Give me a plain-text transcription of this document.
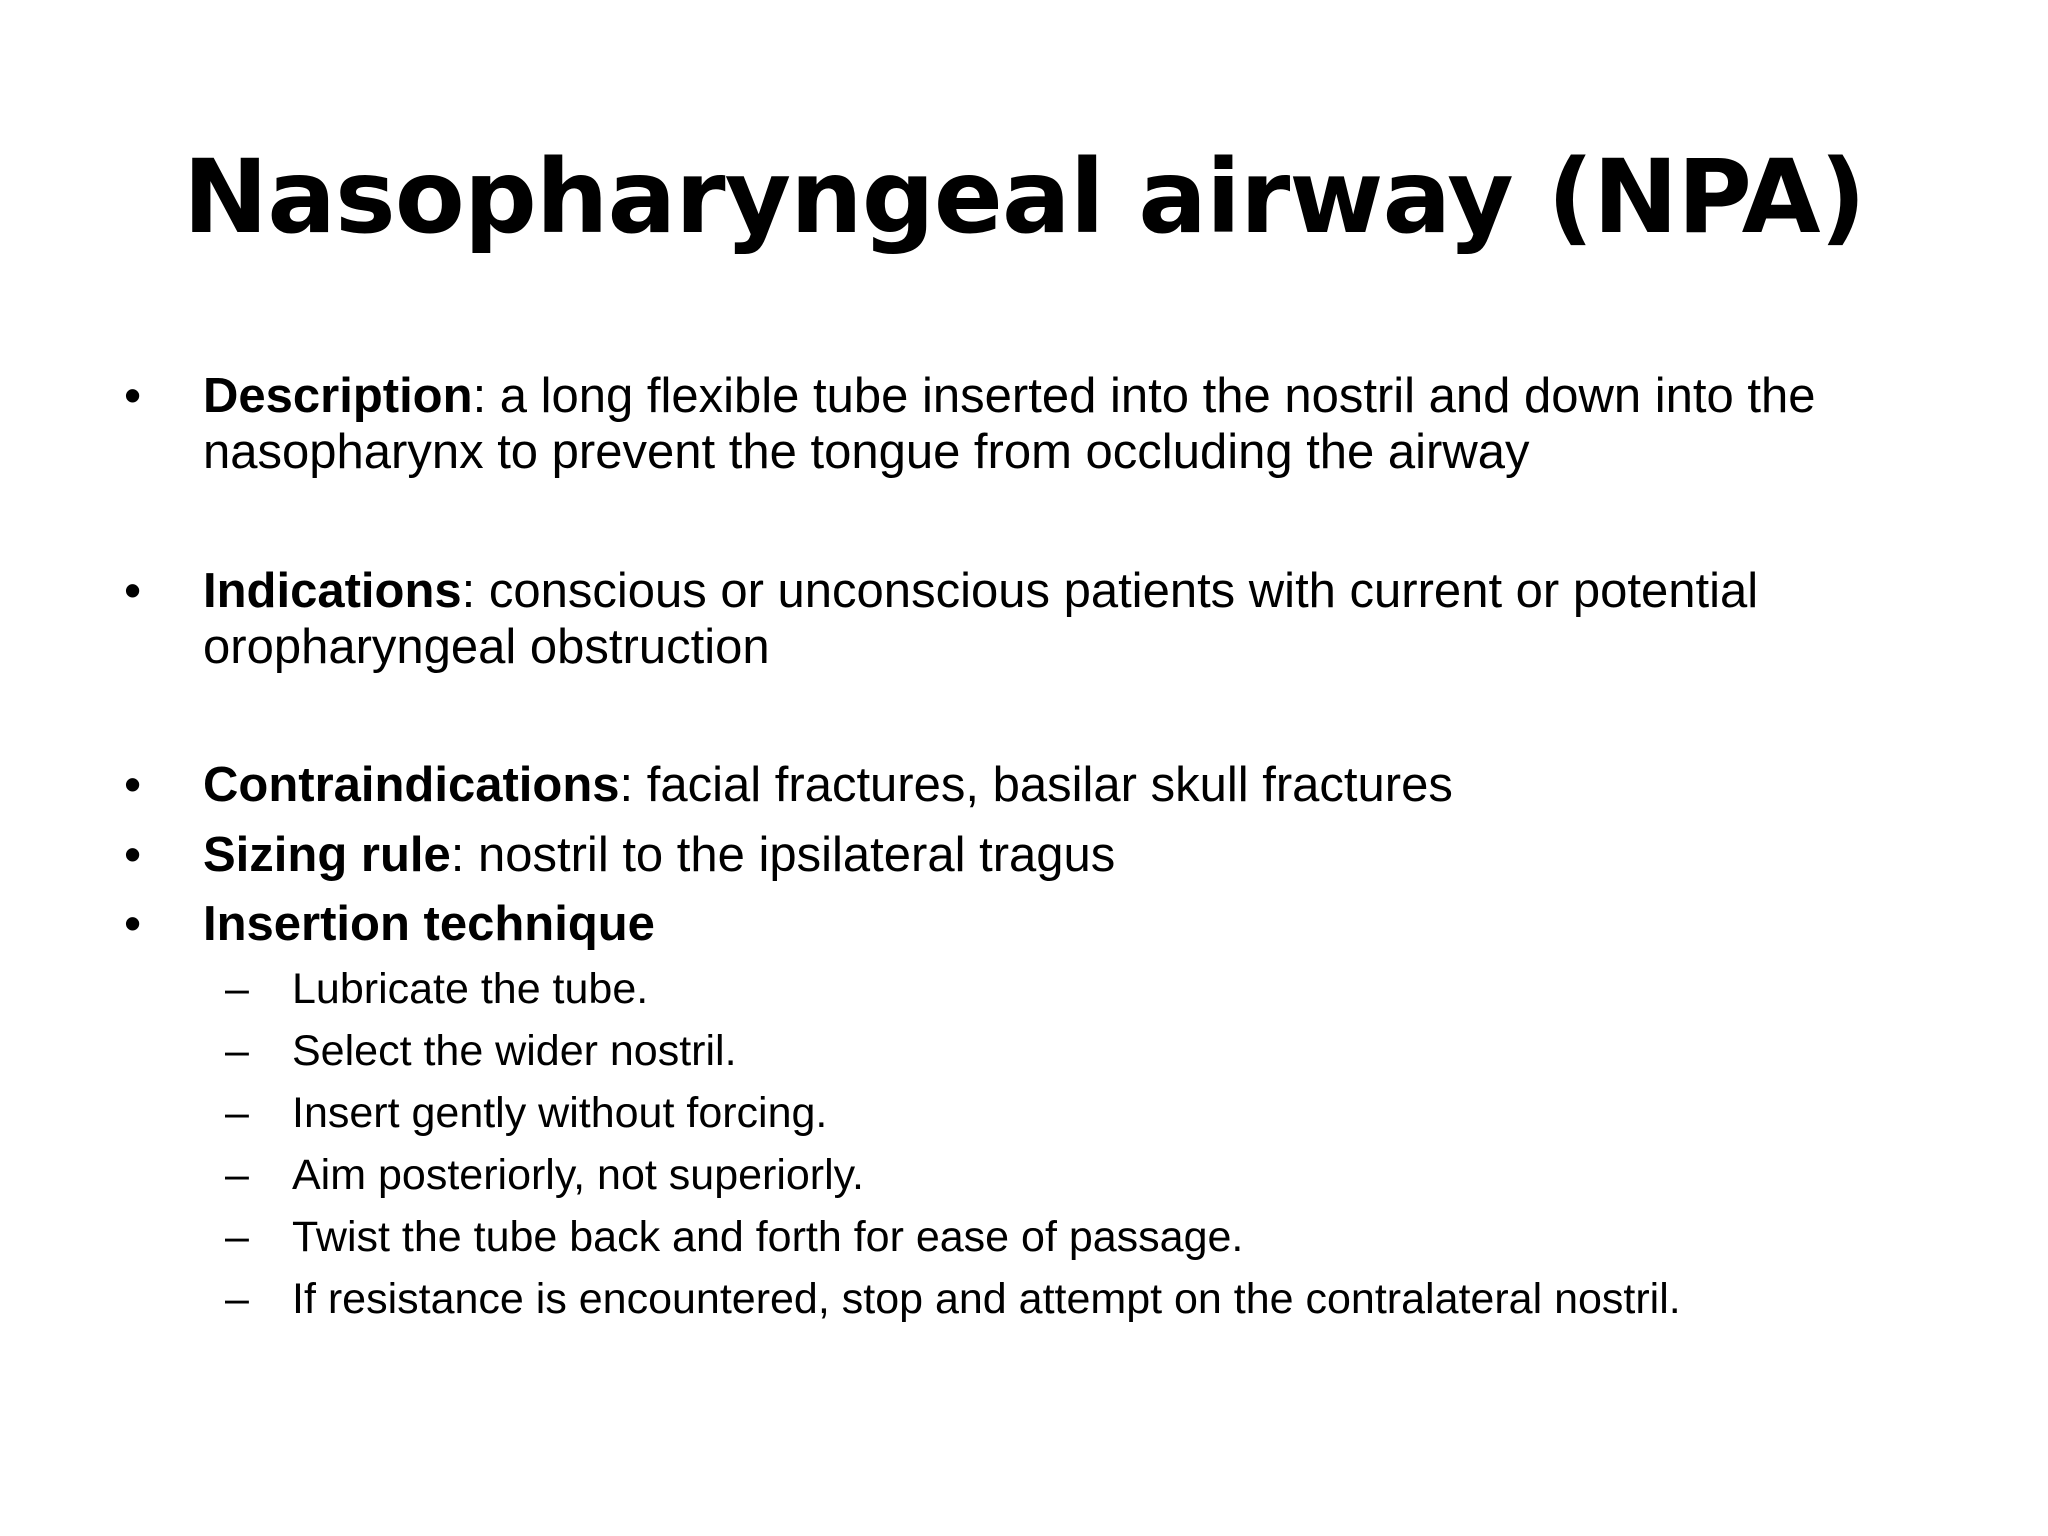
Nasopharyngeal airway (NPA)
•	Description: a long flexible tube inserted into the nostril and down into the nasopharynx to prevent the tongue from occluding the airway
•	Indications: conscious or unconscious patients with current or potential oropharyngeal obstruction
•	Contraindications: facial fractures, basilar skull fractures
•	Sizing rule: nostril to the ipsilateral tragus
•	Insertion technique
– Lubricate the tube.
– Select the wider nostril.
– Insert gently without forcing.
– Aim posteriorly, not superiorly.
– Twist the tube back and forth for ease of passage.
– If resistance is encountered, stop and attempt on the contralateral nostril.
